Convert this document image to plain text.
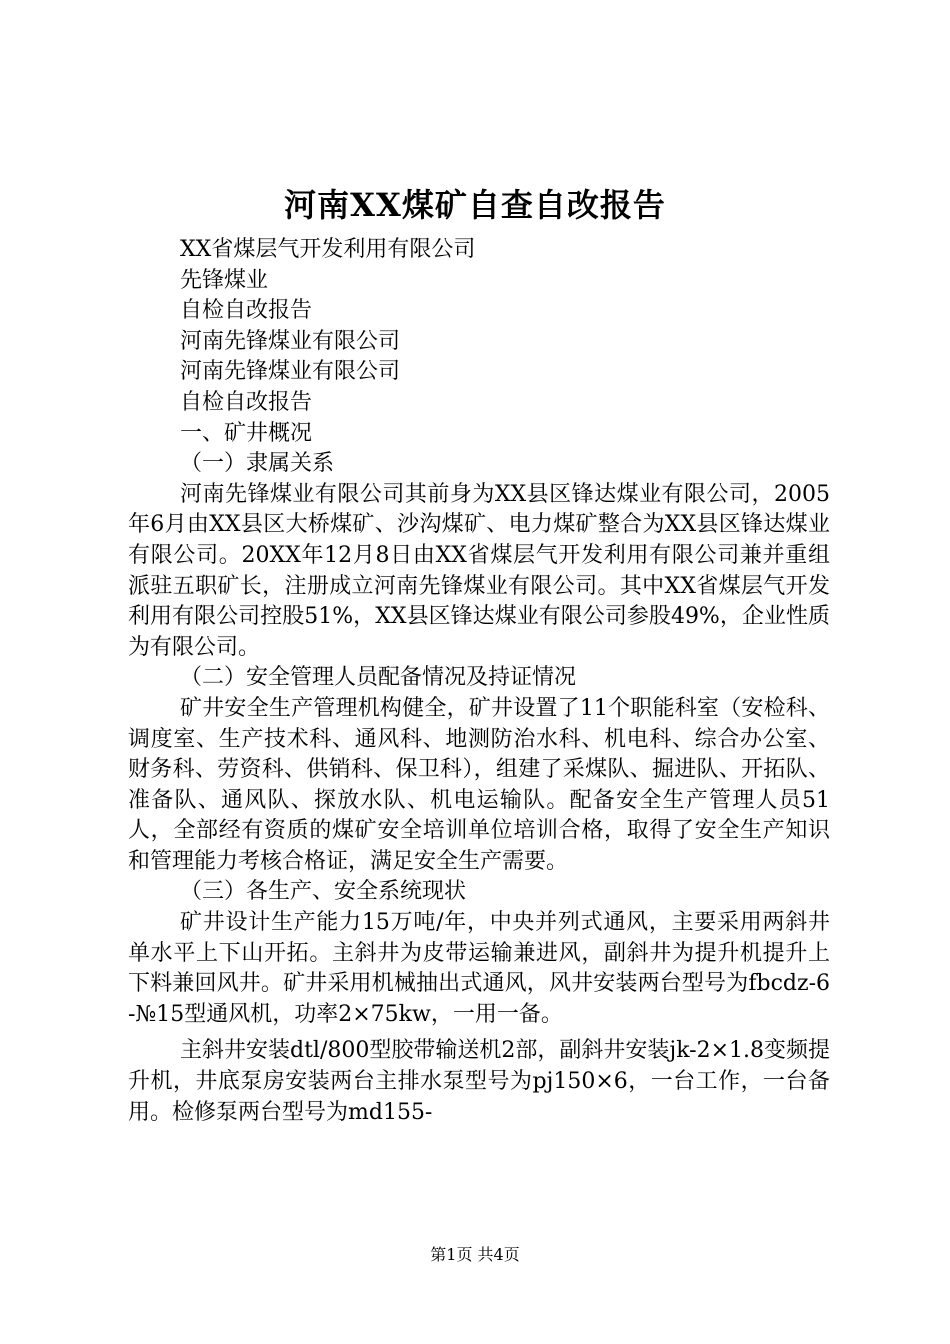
河南XX煤矿自查自改报告

XX省煤层气开发利用有限公司

先锋煤业

自检自改报告

河南先锋煤业有限公司

河南先锋煤业有限公司

自检自改报告

一、矿井概况

（一）隶属关系

河南先锋煤业有限公司其前身为XX县区锋达煤业有限公司，2005年6月由XX县区大桥煤矿、沙沟煤矿、电力煤矿整合为XX县区锋达煤业有限公司。20XX年12月8日由XX省煤层气开发利用有限公司兼并重组派驻五职矿长，注册成立河南先锋煤业有限公司。其中XX省煤层气开发利用有限公司控股51%，XX县区锋达煤业有限公司参股49%，企业性质为有限公司。

（二）安全管理人员配备情况及持证情况

矿井安全生产管理机构健全，矿井设置了11个职能科室（安检科、调度室、生产技术科、通风科、地测防治水科、机电科、综合办公室、财务科、劳资科、供销科、保卫科），组建了采煤队、掘进队、开拓队、准备队、通风队、探放水队、机电运输队。配备安全生产管理人员51人，全部经有资质的煤矿安全培训单位培训合格，取得了安全生产知识和管理能力考核合格证，满足安全生产需要。

（三）各生产、安全系统现状

矿井设计生产能力15万吨/年，中央并列式通风，主要采用两斜井单水平上下山开拓。主斜井为皮带运输兼进风，副斜井为提升机提升上下料兼回风井。矿井采用机械抽出式通风，风井安装两台型号为fbcdz-6-№15型通风机，功率2×75kw，一用一备。

主斜井安装dtl/800型胶带输送机2部，副斜井安装jk-2×1.8变频提升机，井底泵房安装两台主排水泵型号为pj150×6，一台工作，一台备用。检修泵两台型号为md155-

第1页 共4页
